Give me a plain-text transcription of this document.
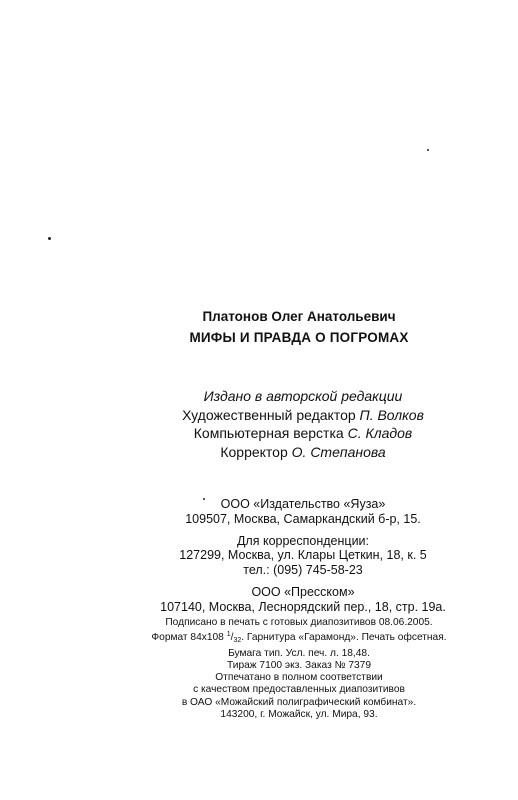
Платонов Олег Анатольевич
МИФЫ И ПРАВДА О ПОГРОМАХ
Издано в авторской редакции
Художественный редактор П. Волков
Компьютерная верстка С. Кладов
Корректор О. Степанова
ООО «Издательство «Яуза»
109507, Москва, Самаркандский б-р, 15.
Для корреспонденции:
127299, Москва, ул. Клары Цеткин, 18, к. 5
тел.: (095) 745-58-23
ООО «Пресском»
107140, Москва, Леснорядский пер., 18, стр. 19а.
Подписано в печать с готовых диапозитивов 08.06.2005.
Формат 84x108 $^1/_{32}$. Гарнитура «Гарамонд». Печать офсетная.
Бумага тип. Усл. печ. л. 18,48.
Тираж 7100 экз. Заказ № 7379
Отпечатано в полном соответствии
с качеством предоставленных диапозитивов
в ОАО «Можайский полиграфический комбинат».
143200, г. Можайск, ул. Мира, 93.
